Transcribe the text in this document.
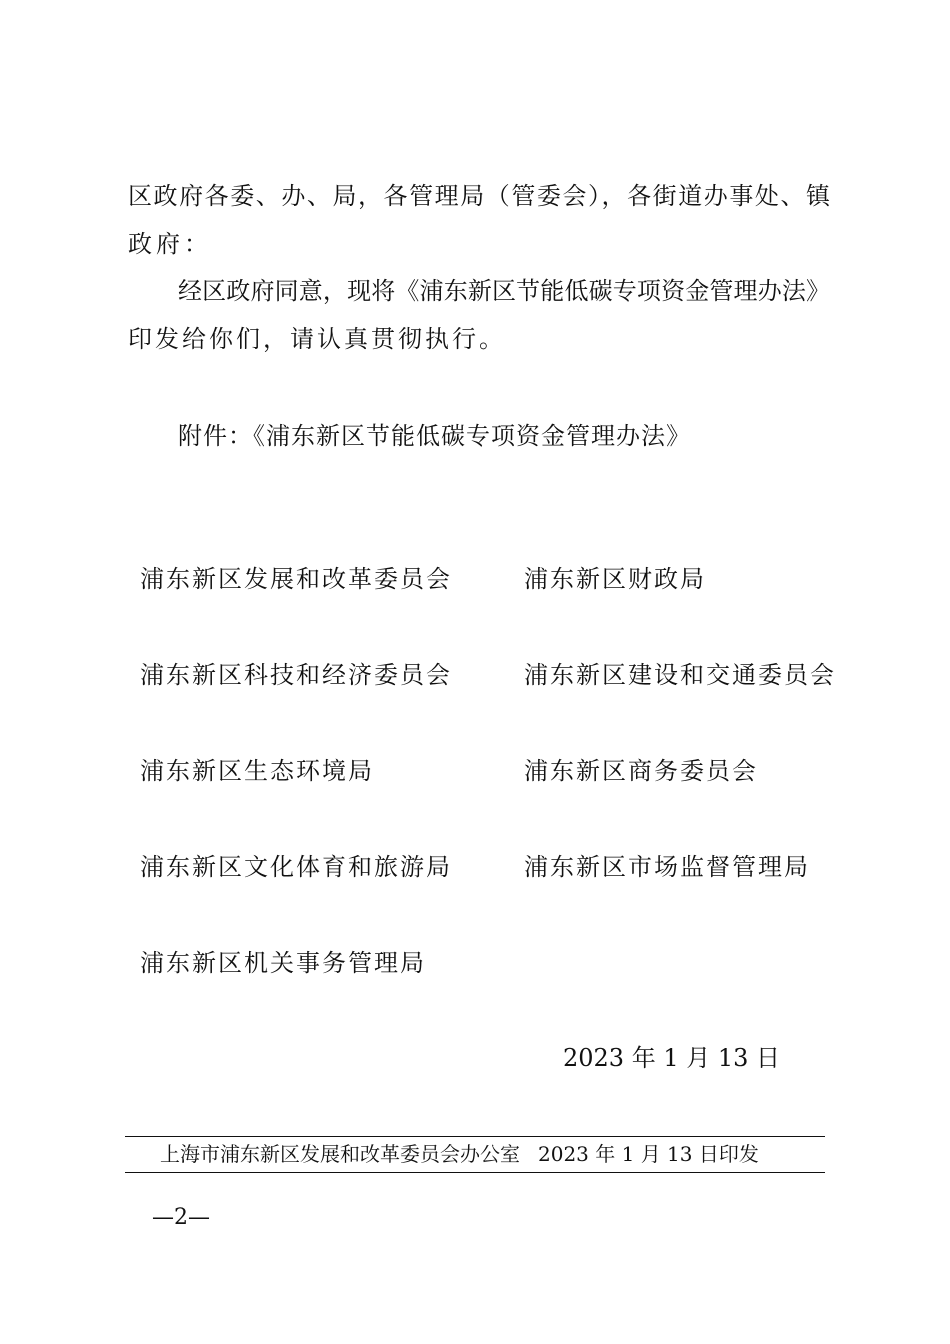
区政府各委、办、局，各管理局（管委会），各街道办事处、镇
政府：
经区政府同意，现将《浦东新区节能低碳专项资金管理办法》
印发给你们，请认真贯彻执行。
附件：《浦东新区节能低碳专项资金管理办法》
浦东新区发展和改革委员会	浦东新区财政局
浦东新区科技和经济委员会	浦东新区建设和交通委员会
浦东新区生态环境局	浦东新区商务委员会
浦东新区文化体育和旅游局	浦东新区市场监督管理局
浦东新区机关事务管理局
2023 年 1 月 13 日
上海市浦东新区发展和改革委员会办公室 2023 年 1 月 13 日印发
—2—
